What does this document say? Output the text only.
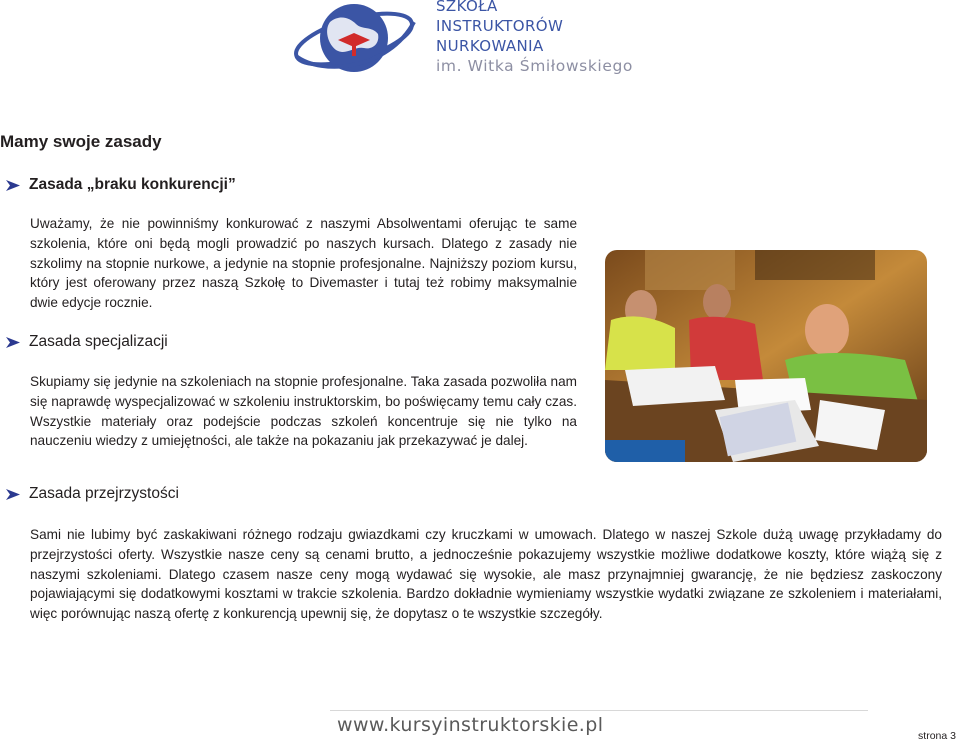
SZKOŁA
INSTRUKTORÓW
NURKOWANIA
im. Witka Śmiłowskiego
Mamy swoje zasady
Zasada „braku konkurencji”
Uważamy, że nie powinniśmy konkurować z naszymi Absolwentami oferując te same szkolenia, które oni będą mogli prowadzić po naszych kursach. Dlatego z zasady nie szkolimy na stopnie nurkowe, a jedynie na stopnie profesjonalne. Najniższy poziom kursu, który jest oferowany przez naszą Szkołę to Divemaster i tutaj też robimy maksymalnie dwie edycje rocznie.
Zasada specjalizacji
Skupiamy się jedynie na szkoleniach na stopnie profesjonalne. Taka zasada pozwoliła nam się naprawdę wyspecjalizować w szkoleniu instruktorskim, bo poświęcamy temu cały czas. Wszystkie materiały oraz podejście podczas szkoleń koncentruje się nie tylko na nauczeniu wiedzy z umiejętności, ale także na pokazaniu jak przekazywać je dalej.
Zasada przejrzystości
Sami nie lubimy być zaskakiwani różnego rodzaju gwiazdkami czy kruczkami w umowach. Dlatego w naszej Szkole dużą uwagę przykładamy do przejrzystości oferty. Wszystkie nasze ceny są cenami brutto, a jednocześnie pokazujemy wszystkie możliwe dodatkowe koszty, które wiążą się z naszymi szkoleniami. Dlatego czasem nasze ceny mogą wydawać się wysokie, ale masz przynajmniej gwarancję, że nie będziesz zaskoczony pojawiającymi się dodatkowymi kosztami w trakcie szkolenia. Bardzo dokładnie wymieniamy wszystkie wydatki związane ze szkoleniem i materiałami, więc porównując naszą ofertę z konkurencją upewnij się, że dopytasz o te wszystkie szczegóły.
www.kursyinstruktorskie.pl	strona 3
